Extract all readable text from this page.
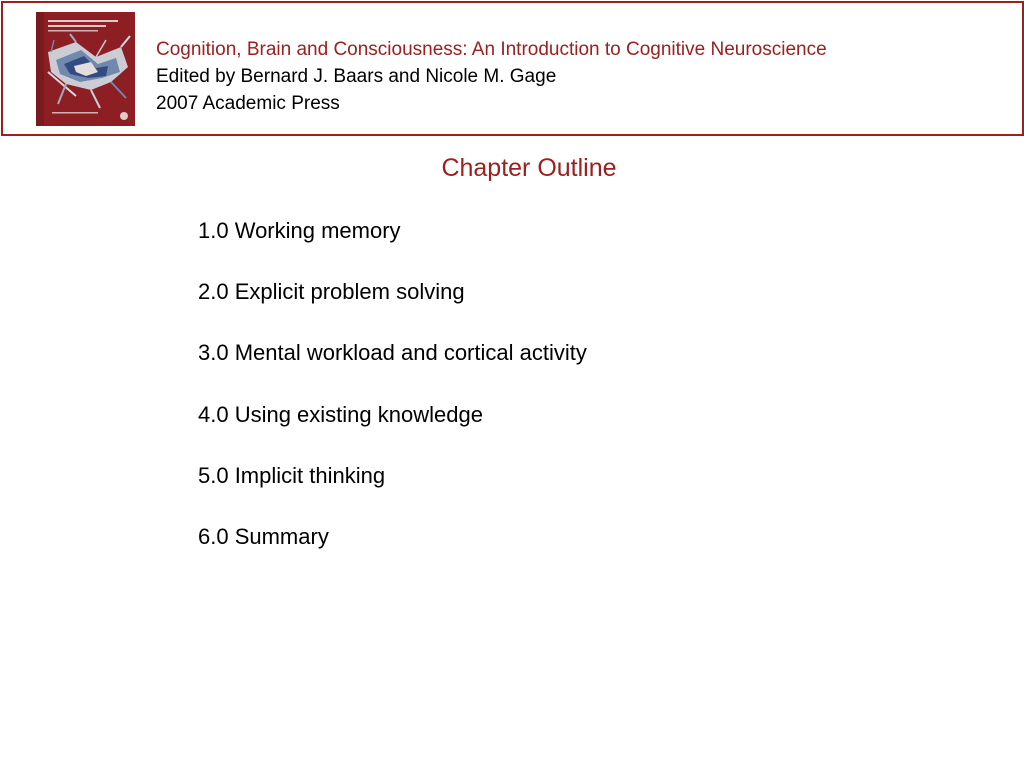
Cognition, Brain and Consciousness: An Introduction to Cognitive Neuroscience
Edited by Bernard J. Baars and Nicole M. Gage
2007 Academic Press
Chapter Outline
1.0 Working memory
2.0 Explicit problem solving
3.0 Mental workload and cortical activity
4.0 Using existing knowledge
5.0 Implicit thinking
6.0 Summary
